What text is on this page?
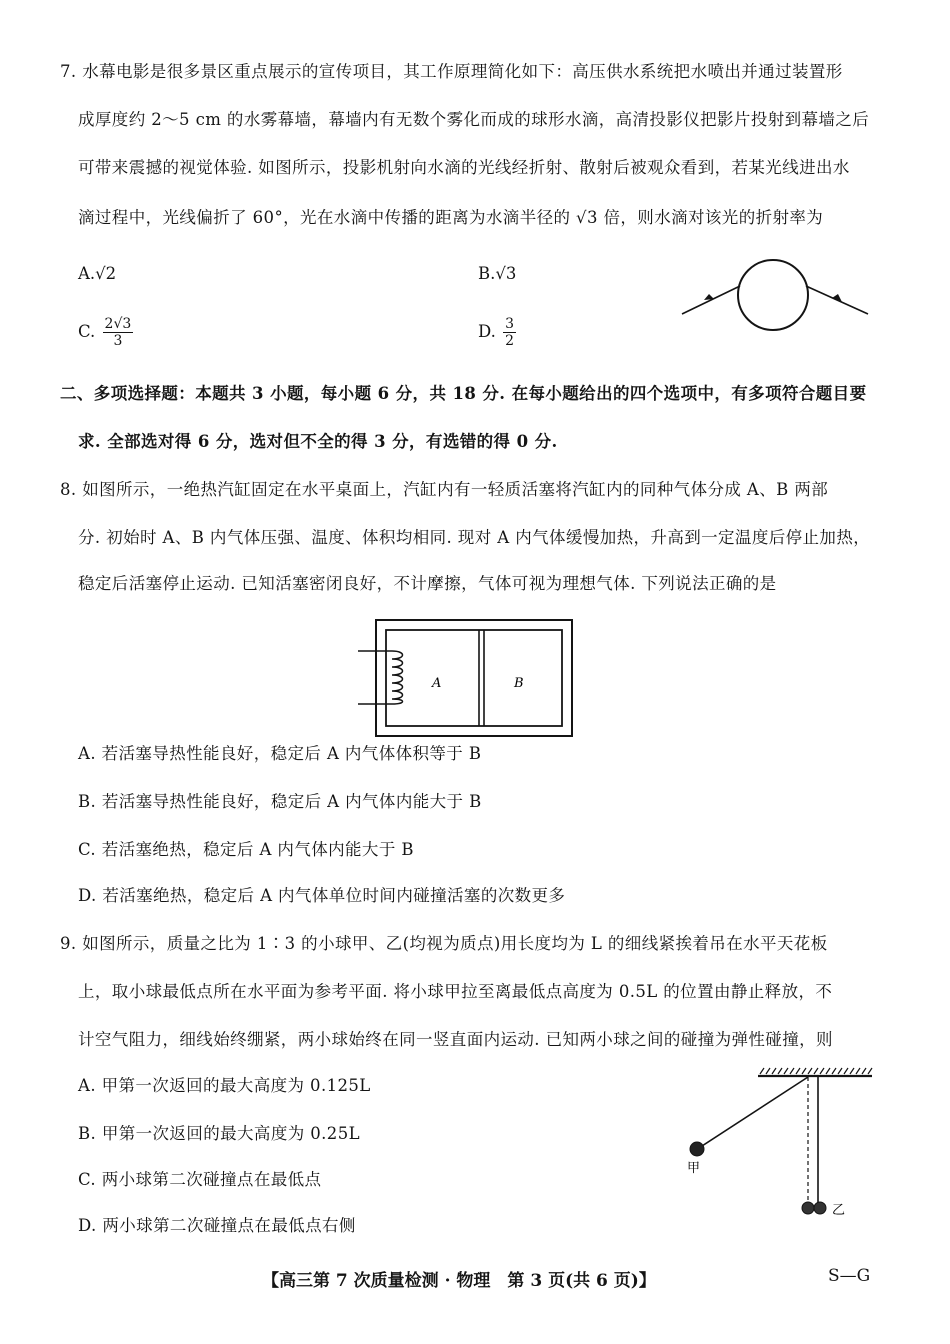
7. 水幕电影是很多景区重点展示的宣传项目，其工作原理简化如下：高压供水系统把水喷出并通过装置形
成厚度约 2～5 cm 的水雾幕墙，幕墙内有无数个雾化而成的球形水滴，高清投影仪把影片投射到幕墙之后
可带来震撼的视觉体验. 如图所示，投影机射向水滴的光线经折射、散射后被观众看到，若某光线进出水
滴过程中，光线偏折了 60°，光在水滴中传播的距离为水滴半径的 √3 倍，则水滴对该光的折射率为
A.√2	B.√3
C. $\frac{2√3}{3}$	D. $\frac{3}{2}$
二、多项选择题：本题共 3 小题，每小题 6 分，共 18 分. 在每小题给出的四个选项中，有多项符合题目要
求. 全部选对得 6 分，选对但不全的得 3 分，有选错的得 0 分.
8. 如图所示，一绝热汽缸固定在水平桌面上，汽缸内有一轻质活塞将汽缸内的同种气体分成 A、B 两部
分. 初始时 A、B 内气体压强、温度、体积均相同. 现对 A 内气体缓慢加热，升高到一定温度后停止加热，
稳定后活塞停止运动. 已知活塞密闭良好，不计摩擦，气体可视为理想气体. 下列说法正确的是
A	B
A. 若活塞导热性能良好，稳定后 A 内气体体积等于 B
B. 若活塞导热性能良好，稳定后 A 内气体内能大于 B
C. 若活塞绝热，稳定后 A 内气体内能大于 B
D. 若活塞绝热，稳定后 A 内气体单位时间内碰撞活塞的次数更多
9. 如图所示，质量之比为 1∶3 的小球甲、乙(均视为质点)用长度均为 L 的细线紧挨着吊在水平天花板
上，取小球最低点所在水平面为参考平面. 将小球甲拉至离最低点高度为 0.5L 的位置由静止释放，不
计空气阻力，细线始终绷紧，两小球始终在同一竖直面内运动. 已知两小球之间的碰撞为弹性碰撞，则
A. 甲第一次返回的最大高度为 0.125L
B. 甲第一次返回的最大高度为 0.25L
C. 两小球第二次碰撞点在最低点
D. 两小球第二次碰撞点在最低点右侧
甲
乙
【高三第 7 次质量检测 · 物理　第 3 页(共 6 页)】	S—G
